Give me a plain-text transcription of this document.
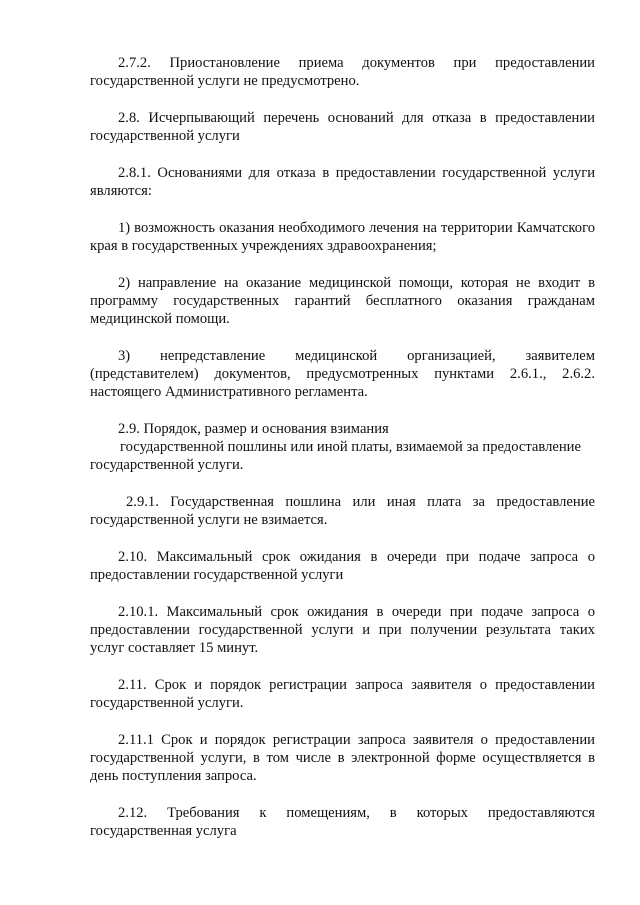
2.7.2. Приостановление приема документов при предоставлении государственной услуги не предусмотрено.

2.8. Исчерпывающий перечень оснований для отказа в предоставлении государственной услуги

2.8.1. Основаниями для отказа в предоставлении государственной услуги являются:

1) возможность оказания необходимого лечения на территории Камчатского края в государственных учреждениях здравоохранения;

2) направление на оказание медицинской помощи, которая не входит в программу государственных гарантий бесплатного оказания гражданам медицинской помощи.

3) непредставление медицинской организацией, заявителем (представителем) документов, предусмотренных пунктами 2.6.1., 2.6.2. настоящего Административного регламента.

2.9. Порядок, размер и основания взимания
государственной пошлины или иной платы, взимаемой за предоставление
государственной услуги.

2.9.1. Государственная пошлина или иная плата за предоставление государственной услуги не взимается.

2.10. Максимальный срок ожидания в очереди при подаче запроса о предоставлении государственной услуги

2.10.1. Максимальный срок ожидания в очереди при подаче запроса о предоставлении государственной услуги и при получении результата таких услуг составляет 15 минут.

2.11. Срок и порядок регистрации запроса заявителя о предоставлении государственной услуги.

2.11.1 Срок и порядок регистрации запроса заявителя о предоставлении государственной услуги, в том числе в электронной форме осуществляется в день поступления запроса.

2.12. Требования к помещениям, в которых предоставляются государственная услуга
